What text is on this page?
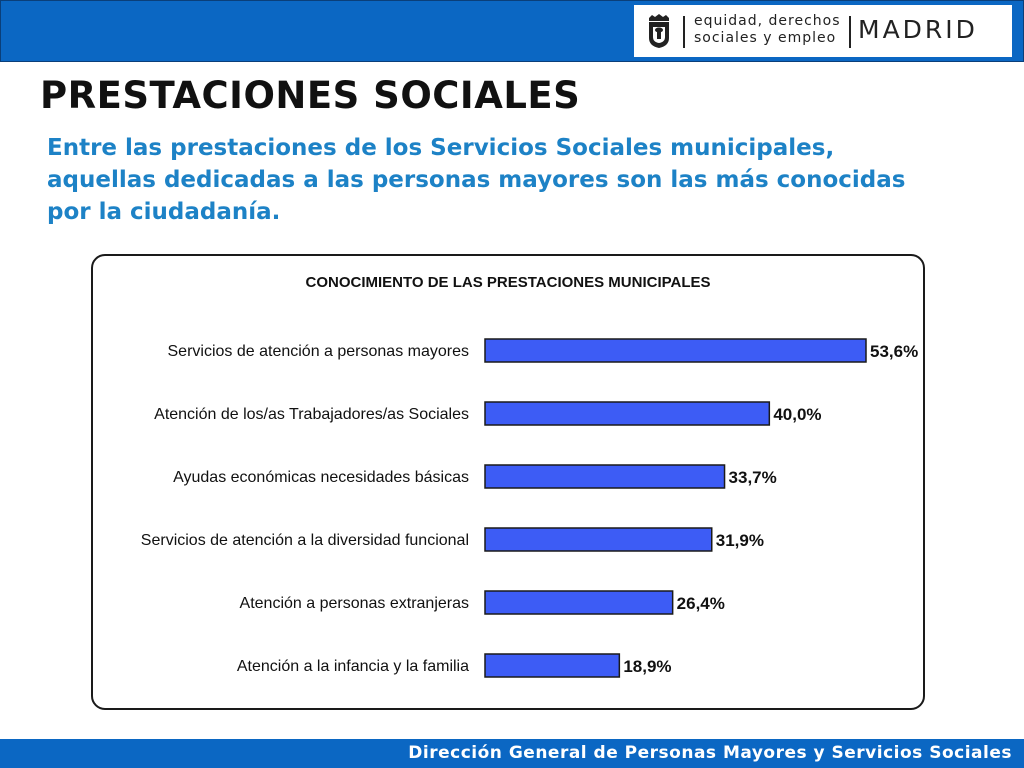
equidad, derechos
sociales y empleo MADRID
PRESTACIONES SOCIALES

Entre las prestaciones de los Servicios Sociales municipales, aquellas dedicadas a las personas mayores son las más conocidas por la ciudadanía.

CONOCIMIENTO DE LAS PRESTACIONES MUNICIPALES
Servicios de atención a personas mayores	53,6%
Atención de los/as Trabajadores/as Sociales	40,0%
Ayudas económicas necesidades básicas	33,7%
Servicios de atención a la diversidad funcional	31,9%
Atención a personas extranjeras	26,4%
Atención a la infancia y la familia	18,9%
Dirección General de Personas Mayores y Servicios Sociales
